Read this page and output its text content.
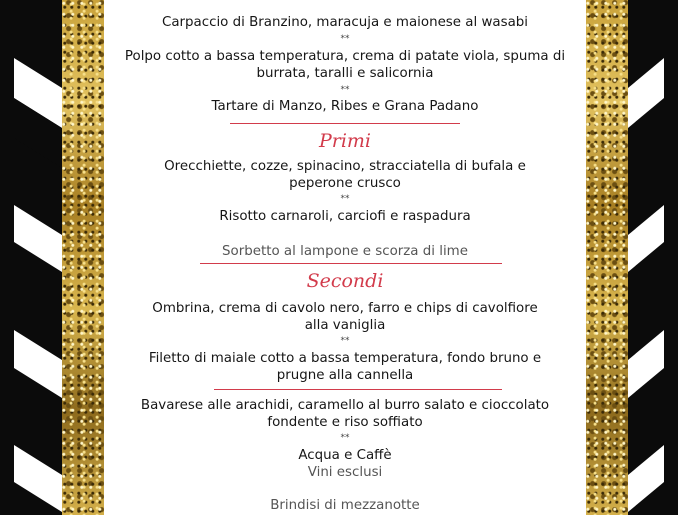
Carpaccio di Branzino, maracuja e maionese al wasabi
**
Polpo cotto a bassa temperatura, crema di patate viola, spuma di
burrata, taralli e salicornia
**
Tartare di Manzo, Ribes e Grana Padano
Primi
Orecchiette, cozze, spinacino, stracciatella di bufala e
peperone crusco
**
Risotto carnaroli, carciofi e raspadura
Sorbetto al lampone e scorza di lime
Secondi
Ombrina, crema di cavolo nero, farro e chips di cavolfiore
alla vaniglia
**
Filetto di maiale cotto a bassa temperatura, fondo bruno e
prugne alla cannella
Bavarese alle arachidi, caramello al burro salato e cioccolato
fondente e riso soffiato
**
Acqua e Caffè
Vini esclusi
Brindisi di mezzanotte
